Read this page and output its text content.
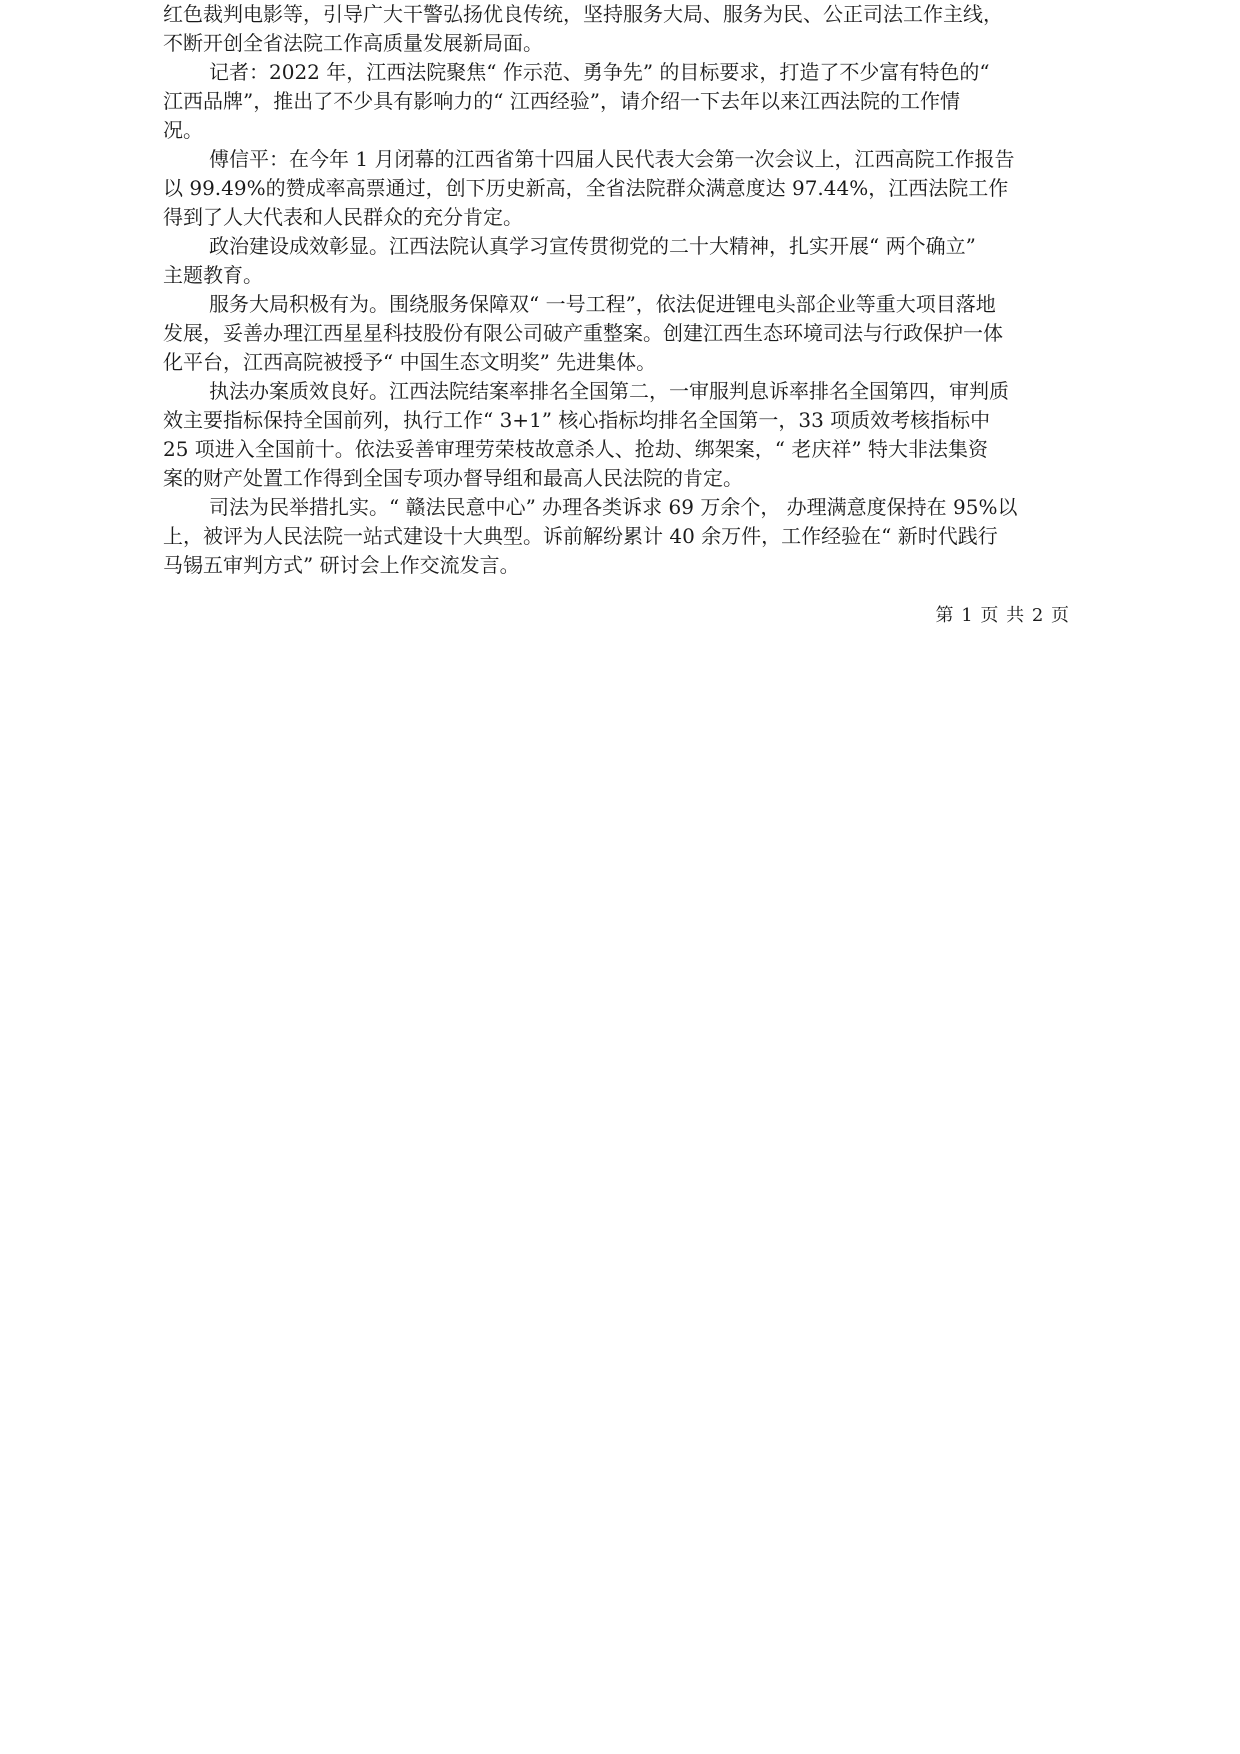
红色裁判电影等，引导广大干警弘扬优良传统，坚持服务大局、服务为民、公正司法工作主线，
不断开创全省法院工作高质量发展新局面。
记者：2022 年，江西法院聚焦“ 作示范、勇争先” 的目标要求，打造了不少富有特色的“
江西品牌”，推出了不少具有影响力的“ 江西经验”，请介绍一下去年以来江西法院的工作情
况。
傅信平：在今年 1 月闭幕的江西省第十四届人民代表大会第一次会议上，江西高院工作报告
以 99.49%的赞成率高票通过，创下历史新高，全省法院群众满意度达 97.44%，江西法院工作
得到了人大代表和人民群众的充分肯定。
政治建设成效彰显。江西法院认真学习宣传贯彻党的二十大精神，扎实开展“ 两个确立”
主题教育。
服务大局积极有为。围绕服务保障双“ 一号工程”，依法促进锂电头部企业等重大项目落地
发展，妥善办理江西星星科技股份有限公司破产重整案。创建江西生态环境司法与行政保护一体
化平台，江西高院被授予“ 中国生态文明奖” 先进集体。
执法办案质效良好。江西法院结案率排名全国第二，一审服判息诉率排名全国第四，审判质
效主要指标保持全国前列，执行工作“ 3+1” 核心指标均排名全国第一，33 项质效考核指标中
25 项进入全国前十。依法妥善审理劳荣枝故意杀人、抢劫、绑架案，“ 老庆祥” 特大非法集资
案的财产处置工作得到全国专项办督导组和最高人民法院的肯定。
司法为民举措扎实。“ 赣法民意中心” 办理各类诉求 69 万余个， 办理满意度保持在 95%以
上，被评为人民法院一站式建设十大典型。诉前解纷累计 40 余万件，工作经验在“ 新时代践行
马锡五审判方式” 研讨会上作交流发言。
第 1 页 共 2 页
